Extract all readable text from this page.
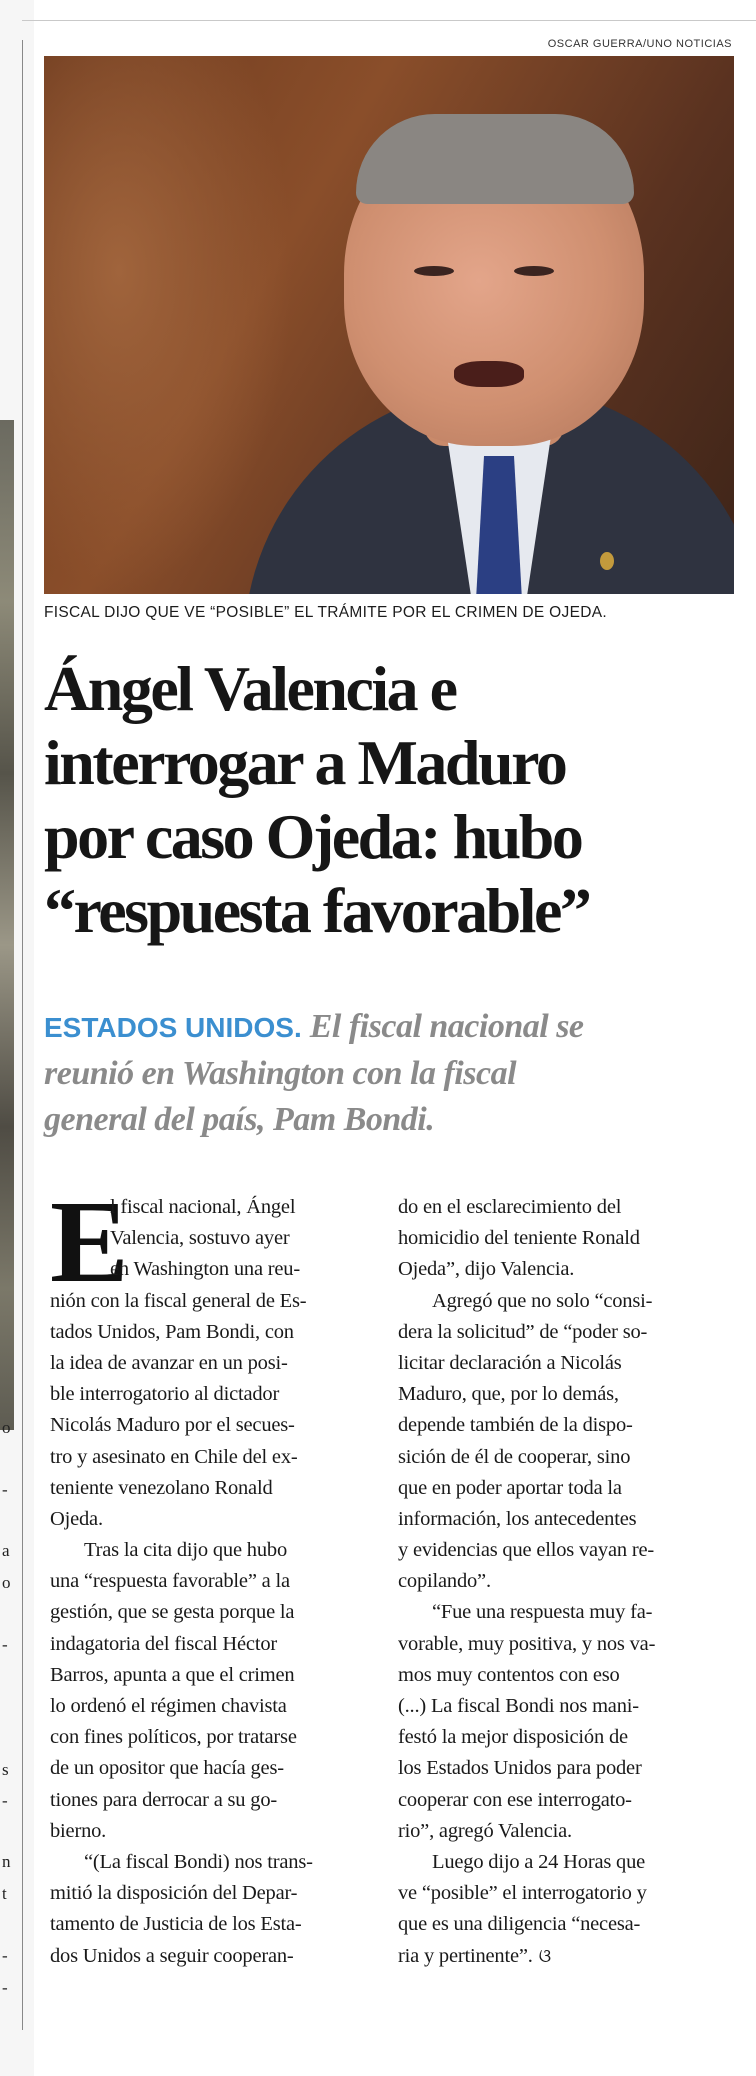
o
-
a
o
-
s
-
n
t
-
-
OSCAR GUERRA/UNO NOTICIAS
FISCAL DIJO QUE VE “POSIBLE” EL TRÁMITE POR EL CRIMEN DE OJEDA.
Ángel Valencia e
interrogar a Maduro
por caso Ojeda: hubo
“respuesta favorable”
ESTADOS UNIDOS. El fiscal nacional se
reunió en Washington con la fiscal
general del país, Pam Bondi.
E
l fiscal nacional, Ángel
Valencia, sostuvo ayer
en Washington una reu-
nión con la fiscal general de Es-
tados Unidos, Pam Bondi, con
la idea de avanzar en un posi-
ble interrogatorio al dictador
Nicolás Maduro por el secues-
tro y asesinato en Chile del ex-
teniente venezolano Ronald
Ojeda.
Tras la cita dijo que hubo
una “respuesta favorable” a la
gestión, que se gesta porque la
indagatoria del fiscal Héctor
Barros, apunta a que el crimen
lo ordenó el régimen chavista
con fines políticos, por tratarse
de un opositor que hacía ges-
tiones para derrocar a su go-
bierno.
“(La fiscal Bondi) nos trans-
mitió la disposición del Depar-
tamento de Justicia de los Esta-
dos Unidos a seguir cooperan-
do en el esclarecimiento del
homicidio del teniente Ronald
Ojeda”, dijo Valencia.
Agregó que no solo “consi-
dera la solicitud” de “poder so-
licitar declaración a Nicolás
Maduro, que, por lo demás,
depende también de la dispo-
sición de él de cooperar, sino
que en poder aportar toda la
información, los antecedentes
y evidencias que ellos vayan re-
copilando”.
“Fue una respuesta muy fa-
vorable, muy positiva, y nos va-
mos muy contentos con eso
(...) La fiscal Bondi nos mani-
festó la mejor disposición de
los Estados Unidos para poder
cooperar con ese interrogato-
rio”, agregó Valencia.
Luego dijo a 24 Horas que
ve “posible” el interrogatorio y
que es una diligencia “necesa-
ria y pertinente”. ଓ
